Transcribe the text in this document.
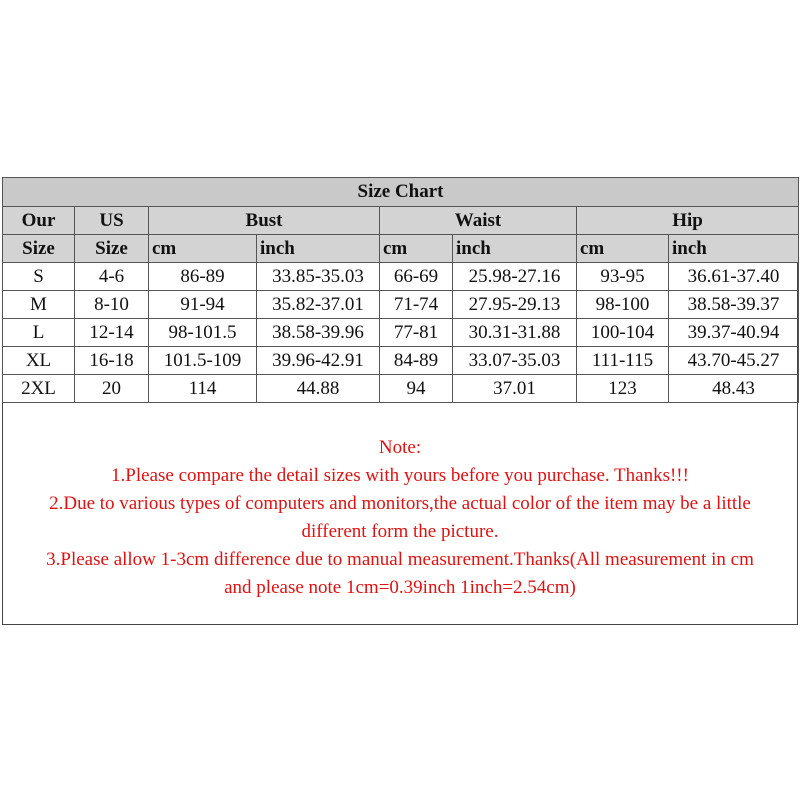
Size Chart							
Our	US	Bust		Waist		Hip	
Size	Size	cm	inch	cm	inch	cm	inch
S	4-6	86-89	33.85-35.03	66-69	25.98-27.16	93-95	36.61-37.40
M	8-10	91-94	35.82-37.01	71-74	27.95-29.13	98-100	38.58-39.37
L	12-14	98-101.5	38.58-39.96	77-81	30.31-31.88	100-104	39.37-40.94
XL	16-18	101.5-109	39.96-42.91	84-89	33.07-35.03	111-115	43.70-45.27
2XL	20	114	44.88	94	37.01	123	48.43
Note:
1.Please compare the detail sizes with yours before you purchase. Thanks!!!
2.Due to various types of computers and monitors,the actual color of the item may be a little
different form the picture.
3.Please allow 1-3cm difference due to manual measurement.Thanks(All measurement in cm
and please note 1cm=0.39inch 1inch=2.54cm)
